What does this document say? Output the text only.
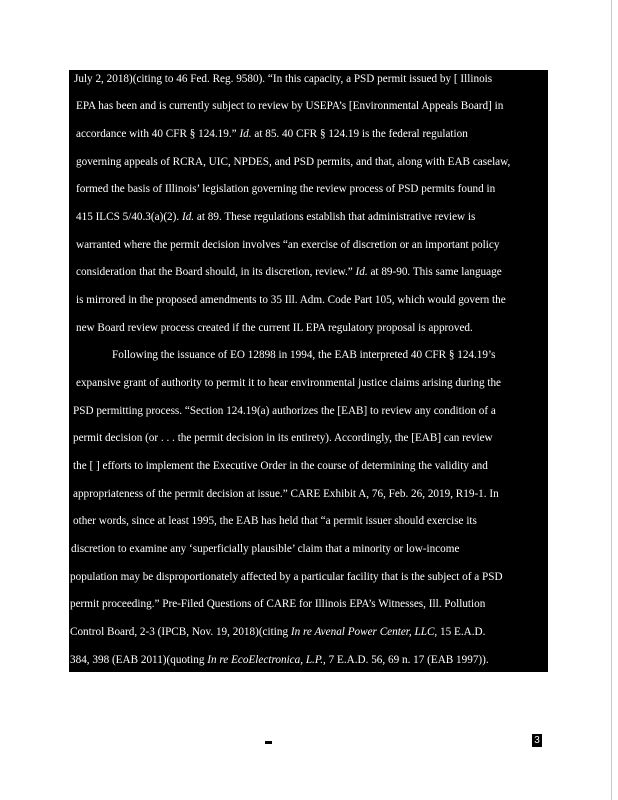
July 2, 2018)(citing to 46 Fed. Reg. 9580). “In this capacity, a PSD permit issued by [ Illinois
EPA has been and is currently subject to review by USEPA’s [Environmental Appeals Board] in
accordance with 40 CFR § 124.19.” Id. at 85. 40 CFR § 124.19 is the federal regulation
governing appeals of RCRA, UIC, NPDES, and PSD permits, and that, along with EAB caselaw,
formed the basis of Illinois’ legislation governing the review process of PSD permits found in
415 ILCS 5/40.3(a)(2). Id. at 89. These regulations establish that administrative review is
warranted where the permit decision involves “an exercise of discretion or an important policy
consideration that the Board should, in its discretion, review.” Id. at 89-90. This same language
is mirrored in the proposed amendments to 35 Ill. Adm. Code Part 105, which would govern the
new Board review process created if the current IL EPA regulatory proposal is approved.
Following the issuance of EO 12898 in 1994, the EAB interpreted 40 CFR § 124.19’s
expansive grant of authority to permit it to hear environmental justice claims arising during the
PSD permitting process. “Section 124.19(a) authorizes the [EAB] to review any condition of a
permit decision (or . . . the permit decision in its entirety). Accordingly, the [EAB] can review
the [ ] efforts to implement the Executive Order in the course of determining the validity and
appropriateness of the permit decision at issue.” CARE Exhibit A, 76, Feb. 26, 2019, R19-1. In
other words, since at least 1995, the EAB has held that “a permit issuer should exercise its
discretion to examine any ‘superficially plausible’ claim that a minority or low-income
population may be disproportionately affected by a particular facility that is the subject of a PSD
permit proceeding.” Pre-Filed Questions of CARE for Illinois EPA’s Witnesses, Ill. Pollution
Control Board, 2-3 (IPCB, Nov. 19, 2018)(citing In re Avenal Power Center, LLC, 15 E.A.D.
384, 398 (EAB 2011)(quoting In re EcoElectronica, L.P., 7 E.A.D. 56, 69 n. 17 (EAB 1997)).
3
